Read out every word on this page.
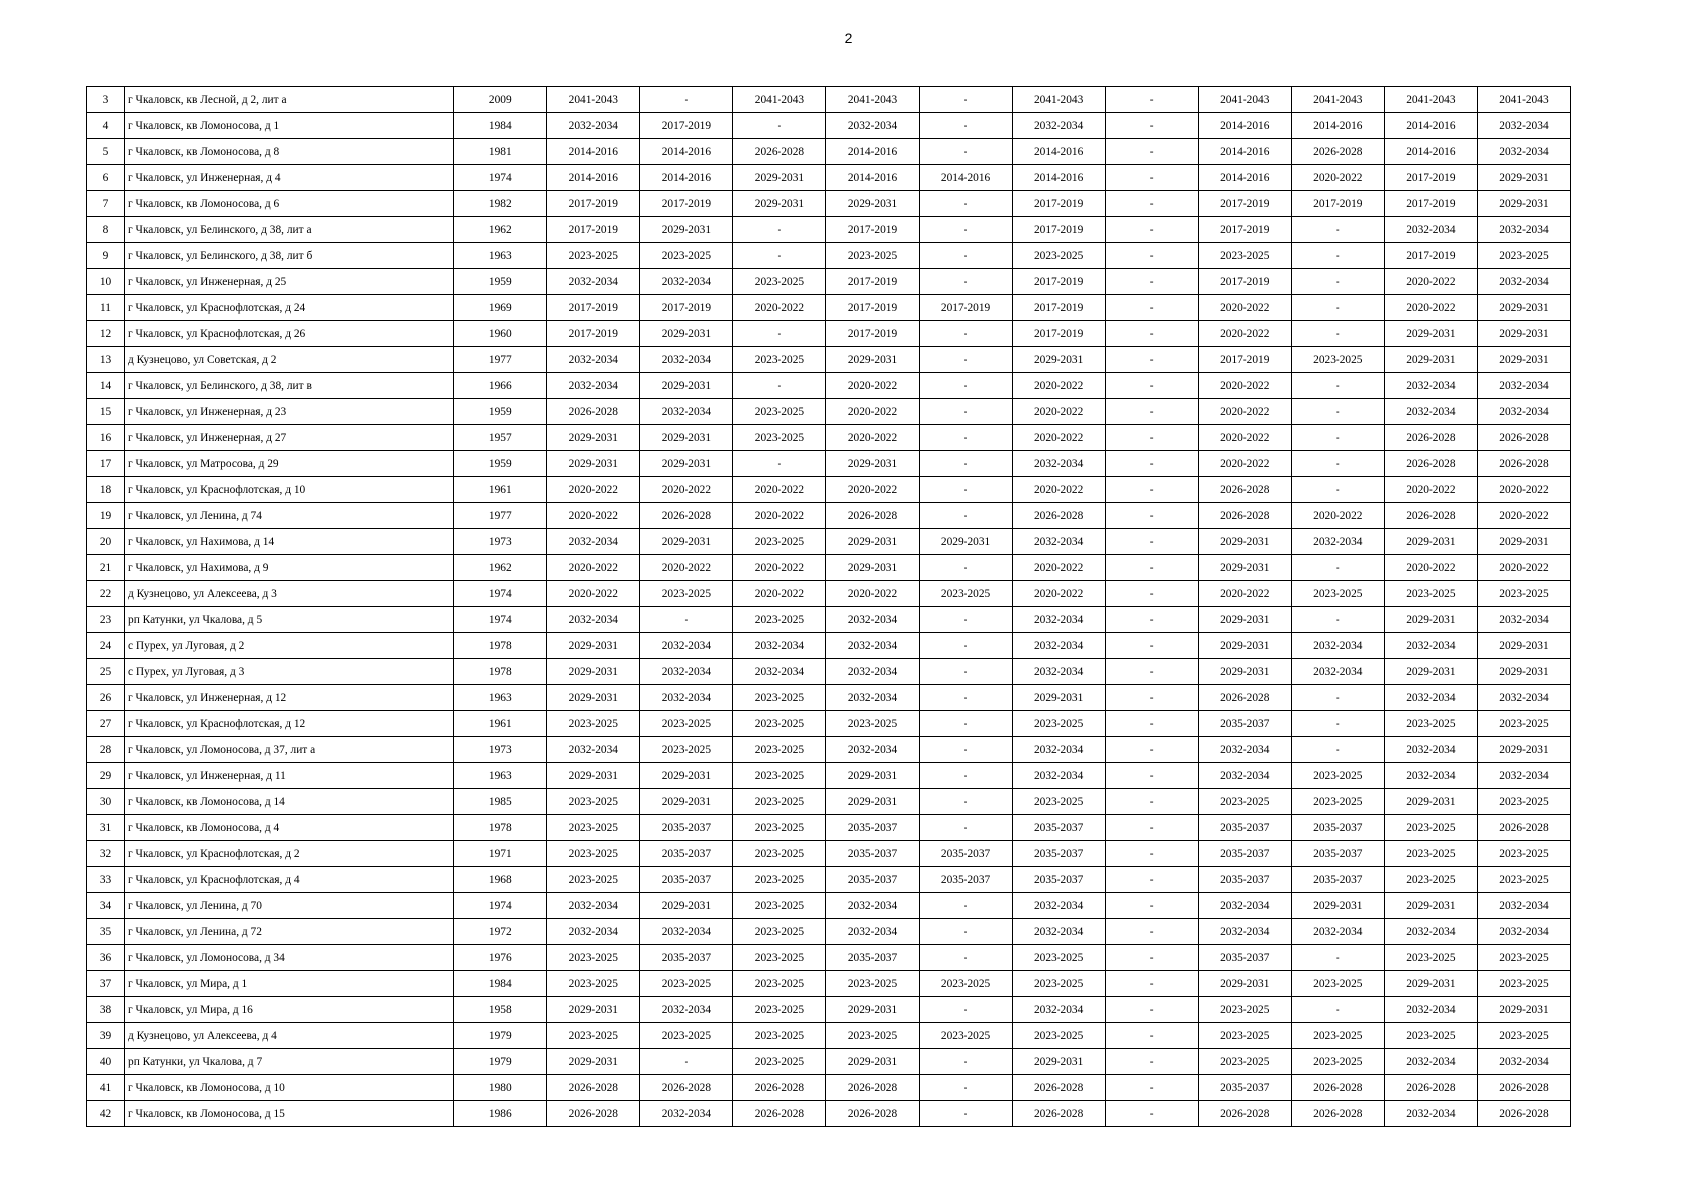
2
3	г Чкаловск, кв Лесной, д 2, лит а	2009	2041-2043	-	2041-2043	2041-2043	-	2041-2043	-	2041-2043	2041-2043	2041-2043	2041-2043
4	г Чкаловск, кв Ломоносова, д 1	1984	2032-2034	2017-2019	-	2032-2034	-	2032-2034	-	2014-2016	2014-2016	2014-2016	2032-2034
5	г Чкаловск, кв Ломоносова, д 8	1981	2014-2016	2014-2016	2026-2028	2014-2016	-	2014-2016	-	2014-2016	2026-2028	2014-2016	2032-2034
6	г Чкаловск, ул Инженерная, д 4	1974	2014-2016	2014-2016	2029-2031	2014-2016	2014-2016	2014-2016	-	2014-2016	2020-2022	2017-2019	2029-2031
7	г Чкаловск, кв Ломоносова, д 6	1982	2017-2019	2017-2019	2029-2031	2029-2031	-	2017-2019	-	2017-2019	2017-2019	2017-2019	2029-2031
8	г Чкаловск, ул Белинского, д 38, лит а	1962	2017-2019	2029-2031	-	2017-2019	-	2017-2019	-	2017-2019	-	2032-2034	2032-2034
9	г Чкаловск, ул Белинского, д 38, лит б	1963	2023-2025	2023-2025	-	2023-2025	-	2023-2025	-	2023-2025	-	2017-2019	2023-2025
10	г Чкаловск, ул Инженерная, д 25	1959	2032-2034	2032-2034	2023-2025	2017-2019	-	2017-2019	-	2017-2019	-	2020-2022	2032-2034
11	г Чкаловск, ул Краснофлотская, д 24	1969	2017-2019	2017-2019	2020-2022	2017-2019	2017-2019	2017-2019	-	2020-2022	-	2020-2022	2029-2031
12	г Чкаловск, ул Краснофлотская, д 26	1960	2017-2019	2029-2031	-	2017-2019	-	2017-2019	-	2020-2022	-	2029-2031	2029-2031
13	д Кузнецово, ул Советская, д 2	1977	2032-2034	2032-2034	2023-2025	2029-2031	-	2029-2031	-	2017-2019	2023-2025	2029-2031	2029-2031
14	г Чкаловск, ул Белинского, д 38, лит в	1966	2032-2034	2029-2031	-	2020-2022	-	2020-2022	-	2020-2022	-	2032-2034	2032-2034
15	г Чкаловск, ул Инженерная, д 23	1959	2026-2028	2032-2034	2023-2025	2020-2022	-	2020-2022	-	2020-2022	-	2032-2034	2032-2034
16	г Чкаловск, ул Инженерная, д 27	1957	2029-2031	2029-2031	2023-2025	2020-2022	-	2020-2022	-	2020-2022	-	2026-2028	2026-2028
17	г Чкаловск, ул Матросова, д 29	1959	2029-2031	2029-2031	-	2029-2031	-	2032-2034	-	2020-2022	-	2026-2028	2026-2028
18	г Чкаловск, ул Краснофлотская, д 10	1961	2020-2022	2020-2022	2020-2022	2020-2022	-	2020-2022	-	2026-2028	-	2020-2022	2020-2022
19	г Чкаловск, ул Ленина, д 74	1977	2020-2022	2026-2028	2020-2022	2026-2028	-	2026-2028	-	2026-2028	2020-2022	2026-2028	2020-2022
20	г Чкаловск, ул Нахимова, д 14	1973	2032-2034	2029-2031	2023-2025	2029-2031	2029-2031	2032-2034	-	2029-2031	2032-2034	2029-2031	2029-2031
21	г Чкаловск, ул Нахимова, д 9	1962	2020-2022	2020-2022	2020-2022	2029-2031	-	2020-2022	-	2029-2031	-	2020-2022	2020-2022
22	д Кузнецово, ул Алексеева, д 3	1974	2020-2022	2023-2025	2020-2022	2020-2022	2023-2025	2020-2022	-	2020-2022	2023-2025	2023-2025	2023-2025
23	рп Катунки, ул Чкалова, д 5	1974	2032-2034	-	2023-2025	2032-2034	-	2032-2034	-	2029-2031	-	2029-2031	2032-2034
24	с Пурех, ул Луговая, д 2	1978	2029-2031	2032-2034	2032-2034	2032-2034	-	2032-2034	-	2029-2031	2032-2034	2032-2034	2029-2031
25	с Пурех, ул Луговая, д 3	1978	2029-2031	2032-2034	2032-2034	2032-2034	-	2032-2034	-	2029-2031	2032-2034	2029-2031	2029-2031
26	г Чкаловск, ул Инженерная, д 12	1963	2029-2031	2032-2034	2023-2025	2032-2034	-	2029-2031	-	2026-2028	-	2032-2034	2032-2034
27	г Чкаловск, ул Краснофлотская, д 12	1961	2023-2025	2023-2025	2023-2025	2023-2025	-	2023-2025	-	2035-2037	-	2023-2025	2023-2025
28	г Чкаловск, ул Ломоносова, д 37, лит а	1973	2032-2034	2023-2025	2023-2025	2032-2034	-	2032-2034	-	2032-2034	-	2032-2034	2029-2031
29	г Чкаловск, ул Инженерная, д 11	1963	2029-2031	2029-2031	2023-2025	2029-2031	-	2032-2034	-	2032-2034	2023-2025	2032-2034	2032-2034
30	г Чкаловск, кв Ломоносова, д 14	1985	2023-2025	2029-2031	2023-2025	2029-2031	-	2023-2025	-	2023-2025	2023-2025	2029-2031	2023-2025
31	г Чкаловск, кв Ломоносова, д 4	1978	2023-2025	2035-2037	2023-2025	2035-2037	-	2035-2037	-	2035-2037	2035-2037	2023-2025	2026-2028
32	г Чкаловск, ул Краснофлотская, д 2	1971	2023-2025	2035-2037	2023-2025	2035-2037	2035-2037	2035-2037	-	2035-2037	2035-2037	2023-2025	2023-2025
33	г Чкаловск, ул Краснофлотская, д 4	1968	2023-2025	2035-2037	2023-2025	2035-2037	2035-2037	2035-2037	-	2035-2037	2035-2037	2023-2025	2023-2025
34	г Чкаловск, ул Ленина, д 70	1974	2032-2034	2029-2031	2023-2025	2032-2034	-	2032-2034	-	2032-2034	2029-2031	2029-2031	2032-2034
35	г Чкаловск, ул Ленина, д 72	1972	2032-2034	2032-2034	2023-2025	2032-2034	-	2032-2034	-	2032-2034	2032-2034	2032-2034	2032-2034
36	г Чкаловск, ул Ломоносова, д 34	1976	2023-2025	2035-2037	2023-2025	2035-2037	-	2023-2025	-	2035-2037	-	2023-2025	2023-2025
37	г Чкаловск, ул Мира, д 1	1984	2023-2025	2023-2025	2023-2025	2023-2025	2023-2025	2023-2025	-	2029-2031	2023-2025	2029-2031	2023-2025
38	г Чкаловск, ул Мира, д 16	1958	2029-2031	2032-2034	2023-2025	2029-2031	-	2032-2034	-	2023-2025	-	2032-2034	2029-2031
39	д Кузнецово, ул Алексеева, д 4	1979	2023-2025	2023-2025	2023-2025	2023-2025	2023-2025	2023-2025	-	2023-2025	2023-2025	2023-2025	2023-2025
40	рп Катунки, ул Чкалова, д 7	1979	2029-2031	-	2023-2025	2029-2031	-	2029-2031	-	2023-2025	2023-2025	2032-2034	2032-2034
41	г Чкаловск, кв Ломоносова, д 10	1980	2026-2028	2026-2028	2026-2028	2026-2028	-	2026-2028	-	2035-2037	2026-2028	2026-2028	2026-2028
42	г Чкаловск, кв Ломоносова, д 15	1986	2026-2028	2032-2034	2026-2028	2026-2028	-	2026-2028	-	2026-2028	2026-2028	2032-2034	2026-2028
